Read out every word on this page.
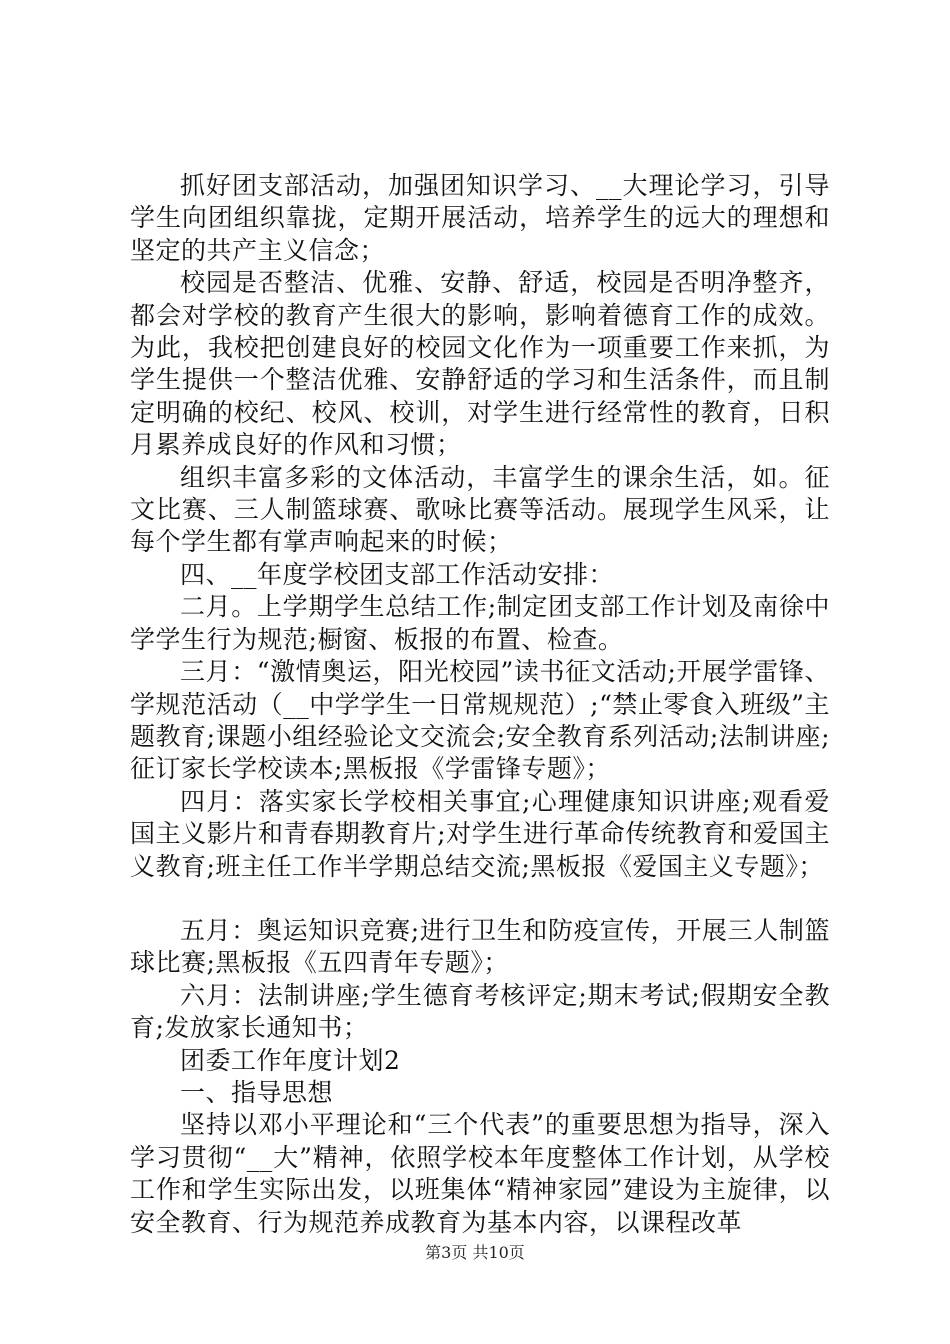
抓好团支部活动，加强团知识学习、__大理论学习，引导学生向团组织靠拢，定期开展活动，培养学生的远大的理想和坚定的共产主义信念；

校园是否整洁、优雅、安静、舒适，校园是否明净整齐，都会对学校的教育产生很大的影响，影响着德育工作的成效。为此，我校把创建良好的校园文化作为一项重要工作来抓，为学生提供一个整洁优雅、安静舒适的学习和生活条件，而且制定明确的校纪、校风、校训，对学生进行经常性的教育，日积月累养成良好的作风和习惯；

组织丰富多彩的文体活动，丰富学生的课余生活，如。征文比赛、三人制篮球赛、歌咏比赛等活动。展现学生风采，让每个学生都有掌声响起来的时候；

四、__年度学校团支部工作活动安排：

二月。上学期学生总结工作;制定团支部工作计划及南徐中学学生行为规范;橱窗、板报的布置、检查。

三月：“激情奥运，阳光校园”读书征文活动;开展学雷锋、学规范活动（__中学学生一日常规规范）;“禁止零食入班级”主题教育;课题小组经验论文交流会;安全教育系列活动;法制讲座;征订家长学校读本;黑板报《学雷锋专题》；

四月：落实家长学校相关事宜;心理健康知识讲座;观看爱国主义影片和青春期教育片;对学生进行革命传统教育和爱国主义教育;班主任工作半学期总结交流;黑板报《爱国主义专题》；

五月：奥运知识竞赛;进行卫生和防疫宣传，开展三人制篮球比赛;黑板报《五四青年专题》；

六月：法制讲座;学生德育考核评定;期末考试;假期安全教育;发放家长通知书；

团委工作年度计划2

一、指导思想

坚持以邓小平理论和“三个代表”的重要思想为指导，深入学习贯彻“__大”精神，依照学校本年度整体工作计划，从学校工作和学生实际出发，以班集体“精神家园”建设为主旋律，以安全教育、行为规范养成教育为基本内容，以课程改革

第3页 共10页
